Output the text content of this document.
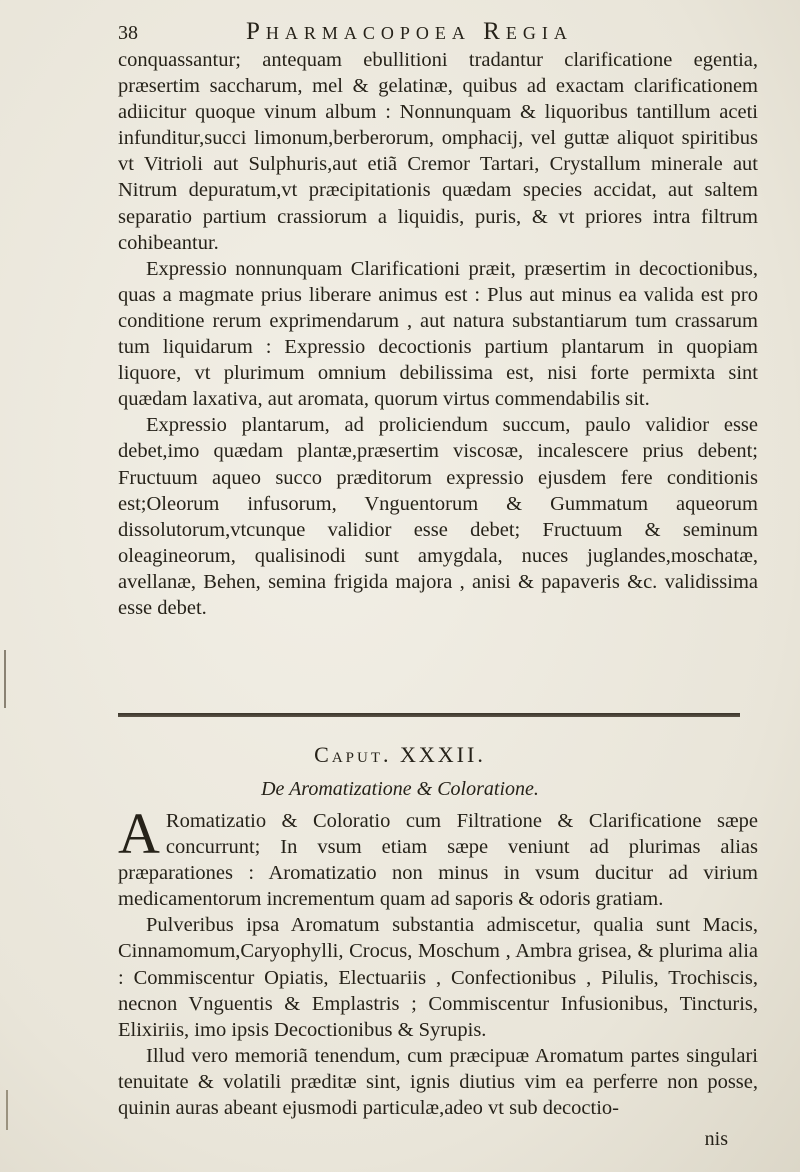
38	Pharmacopoea Regia

conquassantur; antequam ebullitioni tradantur clarificatione egentia, præsertim saccharum, mel & gelatinæ, quibus ad exactam clarificationem adiicitur quoque vinum album : Nonnunquam & liquoribus tantillum aceti infunditur,succi limonum,berberorum, omphacij, vel guttæ aliquot spiritibus vt Vitrioli aut Sulphuris,aut etiã Cremor Tartari, Crystallum minerale aut Nitrum depuratum,vt præcipitationis quædam species accidat, aut saltem separatio partium crassiorum a liquidis, puris, & vt priores intra filtrum cohibeantur.

Expressio nonnunquam Clarificationi præit, præsertim in decoctionibus, quas a magmate prius liberare animus est : Plus aut minus ea valida est pro conditione rerum exprimendarum , aut natura substantiarum tum crassarum tum liquidarum : Expressio decoctionis partium plantarum in quopiam liquore, vt plurimum omnium debilissima est, nisi forte permixta sint quædam laxativa, aut aromata, quorum virtus commendabilis sit.

Expressio plantarum, ad proliciendum succum, paulo validior esse debet,imo quædam plantæ,præsertim viscosæ, incalescere prius debent; Fructuum aqueo succo præditorum expressio ejusdem fere conditionis est;Oleorum infusorum, Vnguentorum & Gummatum aqueorum dissolutorum,vtcunque validior esse debet; Fructuum & seminum oleagineorum, qualisinodi sunt amygdala, nuces juglandes,moschatæ, avellanæ, Behen, semina frigida majora , anisi & papaveris &c. validissima esse debet.

Caput. XXXII.
De Aromatizatione & Coloratione.

A Romatizatio & Coloratio cum Filtratione & Clarificatione sæpe concurrunt; In vsum etiam sæpe veniunt ad plurimas alias præparationes : Aromatizatio non minus in vsum ducitur ad virium medicamentorum incrementum quam ad saporis & odoris gratiam.

Pulveribus ipsa Aromatum substantia admiscetur, qualia sunt Macis, Cinnamomum,Caryophylli, Crocus, Moschum , Ambra grisea, & plurima alia : Commiscentur Opiatis, Electuariis , Confectionibus , Pilulis, Trochiscis, necnon Vnguentis & Emplastris ; Commiscentur Infusionibus, Tincturis, Elixiriis, imo ipsis Decoctionibus & Syrupis.

Illud vero memoriã tenendum, cum præcipuæ Aromatum partes singulari tenuitate & volatili præditæ sint, ignis diutius vim ea perferre non posse, quinin auras abeant ejusmodi particulæ,adeo vt sub decoctio-

nis
